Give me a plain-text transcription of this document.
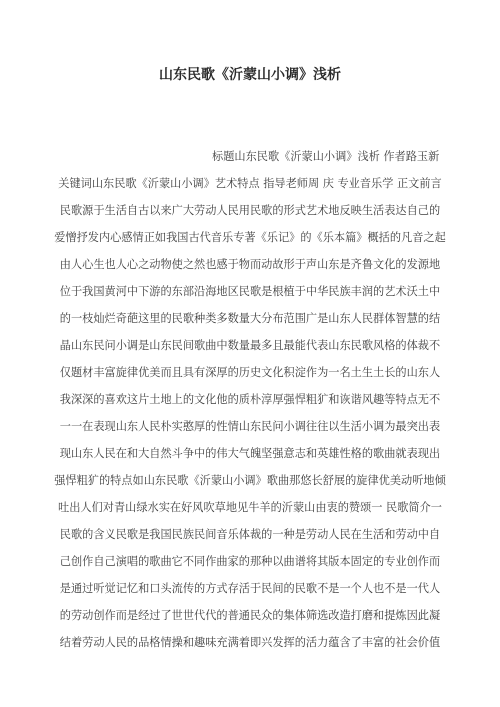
山东民歌《沂蒙山小调》浅析
标题山东民歌《沂蒙山小调》浅析 作者路玉新
关键词山东民歌《沂蒙山小调》艺术特点 指导老师周 庆 专业音乐学 正文前言
民歌源于生活自古以来广大劳动人民用民歌的形式艺术地反映生活表达自己的
爱憎抒发内心感情正如我国古代音乐专著《乐记》的《乐本篇》概括的凡音之起
由人心生也人心之动物使之然也感于物而动故形于声山东是齐鲁文化的发源地
位于我国黄河中下游的东部沿海地区民歌是根植于中华民族丰润的艺术沃土中
的一枝灿烂奇葩这里的民歌种类多数量大分布范围广是山东人民群体智慧的结
晶山东民问小调是山东民间歌曲中数量最多且最能代表山东民歌风格的体裁不
仅题材丰富旋律优美而且具有深厚的历史文化积淀作为一名土生土长的山东人
我深深的喜欢这片土地上的文化他的质朴淳厚强悍粗犷和诙谐风趣等特点无不
一一在表现山东人民朴实憨厚的性情山东民问小调往往以生活小调为最突出表
现山东人民在和大自然斗争中的伟大气魄坚强意志和英雄性格的歌曲就表现出
强悍粗犷的特点如山东民歌《沂蒙山小调》歌曲那悠长舒展的旋律优美动听地倾
吐出人们对青山绿水实在好风吹草地见牛羊的沂蒙山由衷的赞颂一 民歌简介一
民歌的含义民歌是我国民族民间音乐体裁的一种是劳动人民在生活和劳动中自
己创作自己演唱的歌曲它不同作曲家的那种以曲谱将其版本固定的专业创作而
是通过听觉记忆和口头流传的方式存活于民间的民歌不是一个人也不是一代人
的劳动创作而是经过了世世代代的普通民众的集体筛选改造打磨和提炼因此凝
结着劳动人民的品格情操和趣味充满着即兴发挥的活力蕴含了丰富的社会价值
